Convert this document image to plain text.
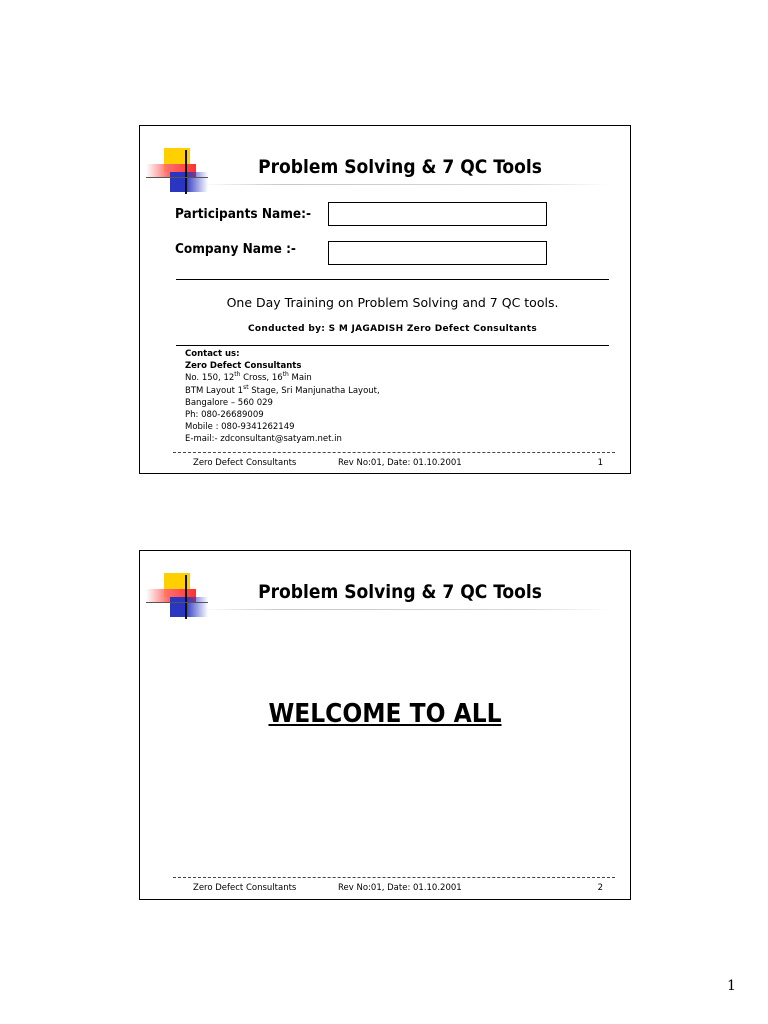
Problem Solving & 7 QC Tools
Participants Name:-
Company Name :-
One Day Training on Problem Solving and 7 QC tools.
Conducted by: S M JAGADISH Zero Defect Consultants
Contact us:
Zero Defect Consultants
No. 150, 12th Cross, 16th Main
BTM Layout 1st Stage, Sri Manjunatha Layout,
Bangalore – 560 029
Ph: 080-26689009
Mobile : 080-9341262149
E-mail:- zdconsultant@satyam.net.in
Zero Defect Consultants	Rev No:01, Date: 01.10.2001	1
Problem Solving & 7 QC Tools
WELCOME TO ALL
Zero Defect Consultants	Rev No:01, Date: 01.10.2001	2
1
